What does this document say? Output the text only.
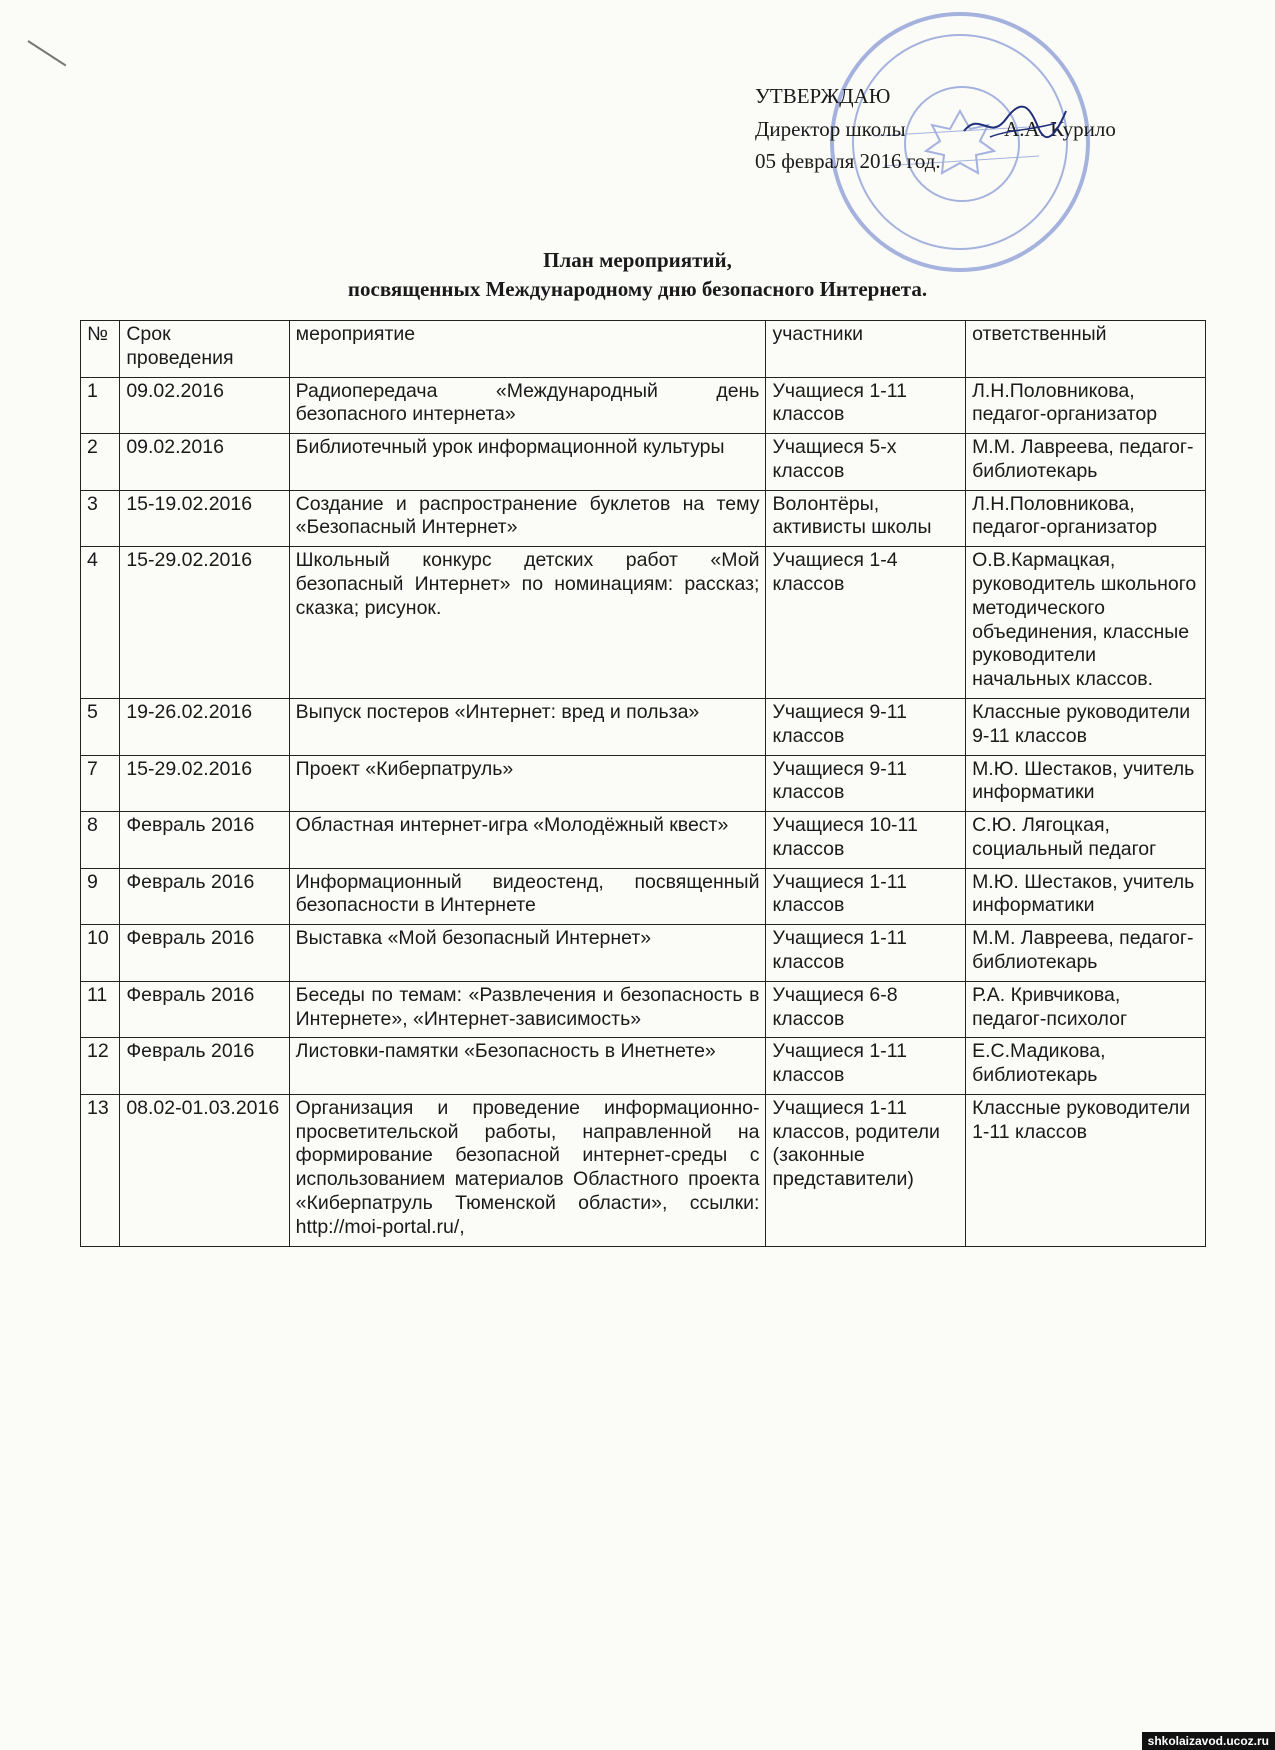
УТВЕРЖДАЮ
Директор школы	А.А. Курило
05 февраля 2016 год.
План мероприятий,
посвященных Международному дню безопасного Интернета.
№	Срок проведения	мероприятие	участники	ответственный
1	09.02.2016	Радиопередача «Международный день безопасного интернета»	Учащиеся 1-11 классов	Л.Н.Половникова, педагог-организатор
2	09.02.2016	Библиотечный урок информационной культуры	Учащиеся 5-х классов	М.М. Лавреева, педагог-библиотекарь
3	15-19.02.2016	Создание и распространение буклетов на тему «Безопасный Интернет»	Волонтёры, активисты школы	Л.Н.Половникова, педагог-организатор
4	15-29.02.2016	Школьный конкурс детских работ «Мой безопасный Интернет» по номинациям: рассказ; сказка; рисунок.	Учащиеся 1-4 классов	О.В.Кармацкая, руководитель школьного методического объединения, классные руководители начальных классов.
5	19-26.02.2016	Выпуск постеров «Интернет: вред и польза»	Учащиеся 9-11 классов	Классные руководители 9-11 классов
7	15-29.02.2016	Проект «Киберпатруль»	Учащиеся 9-11 классов	М.Ю. Шестаков, учитель информатики
8	Февраль 2016	Областная интернет-игра «Молодёжный квест»	Учащиеся 10-11 классов	С.Ю. Лягоцкая, социальный педагог
9	Февраль 2016	Информационный видеостенд, посвященный безопасности в Интернете	Учащиеся 1-11 классов	М.Ю. Шестаков, учитель информатики
10	Февраль 2016	Выставка «Мой безопасный Интернет»	Учащиеся 1-11 классов	М.М. Лавреева, педагог-библиотекарь
11	Февраль 2016	Беседы по темам: «Развлечения и безопасность в Интернете», «Интернет-зависимость»	Учащиеся 6-8 классов	Р.А. Кривчикова, педагог-психолог
12	Февраль 2016	Листовки-памятки «Безопасность в Инетнете»	Учащиеся 1-11 классов	Е.С.Мадикова, библиотекарь
13	08.02-01.03.2016	Организация и проведение информационно-просветительской работы, направленной на формирование безопасной интернет-среды с использованием материалов Областного проекта «Киберпатруль Тюменской области», ссылки: http://moi-portal.ru/,	Учащиеся 1-11 классов, родители (законные представители)	Классные руководители 1-11 классов
shkolaizavod.ucoz.ru
